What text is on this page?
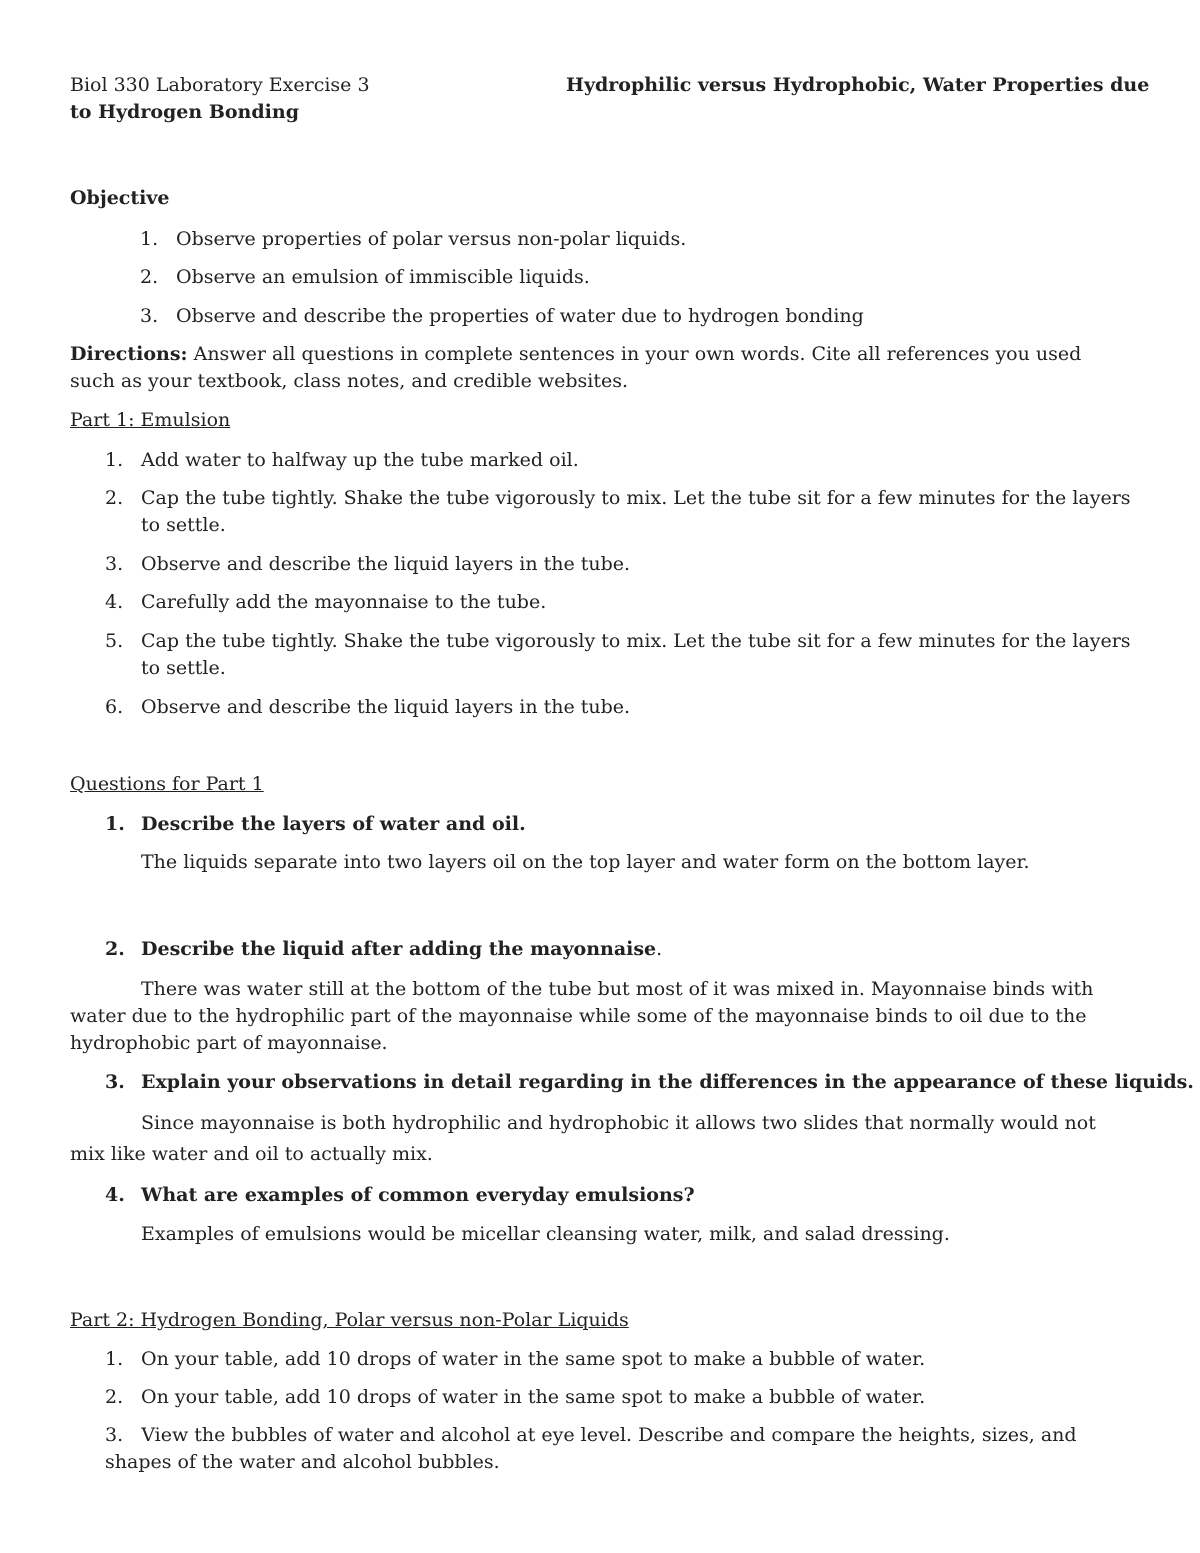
Biol 330 Laboratory Exercise 3	Hydrophilic versus Hydrophobic, Water Properties due
to Hydrogen Bonding
Objective
1. Observe properties of polar versus non-polar liquids.
2. Observe an emulsion of immiscible liquids.
3. Observe and describe the properties of water due to hydrogen bonding
Directions: Answer all questions in complete sentences in your own words. Cite all references you used such as your textbook, class notes, and credible websites.
Part 1: Emulsion
1. Add water to halfway up the tube marked oil.
2. Cap the tube tightly. Shake the tube vigorously to mix. Let the tube sit for a few minutes for the layers to settle.
3. Observe and describe the liquid layers in the tube.
4. Carefully add the mayonnaise to the tube.
5. Cap the tube tightly. Shake the tube vigorously to mix. Let the tube sit for a few minutes for the layers to settle.
6. Observe and describe the liquid layers in the tube.
Questions for Part 1
1. Describe the layers of water and oil.
The liquids separate into two layers oil on the top layer and water form on the bottom layer.
2. Describe the liquid after adding the mayonnaise.
There was water still at the bottom of the tube but most of it was mixed in. Mayonnaise binds with water due to the hydrophilic part of the mayonnaise while some of the mayonnaise binds to oil due to the hydrophobic part of mayonnaise.
3. Explain your observations in detail regarding in the differences in the appearance of these liquids.
Since mayonnaise is both hydrophilic and hydrophobic it allows two slides that normally would not mix like water and oil to actually mix.
4. What are examples of common everyday emulsions?
Examples of emulsions would be micellar cleansing water, milk, and salad dressing.
Part 2: Hydrogen Bonding, Polar versus non-Polar Liquids
1. On your table, add 10 drops of water in the same spot to make a bubble of water.
2. On your table, add 10 drops of water in the same spot to make a bubble of water.
3. View the bubbles of water and alcohol at eye level. Describe and compare the heights, sizes, and shapes of the water and alcohol bubbles.
